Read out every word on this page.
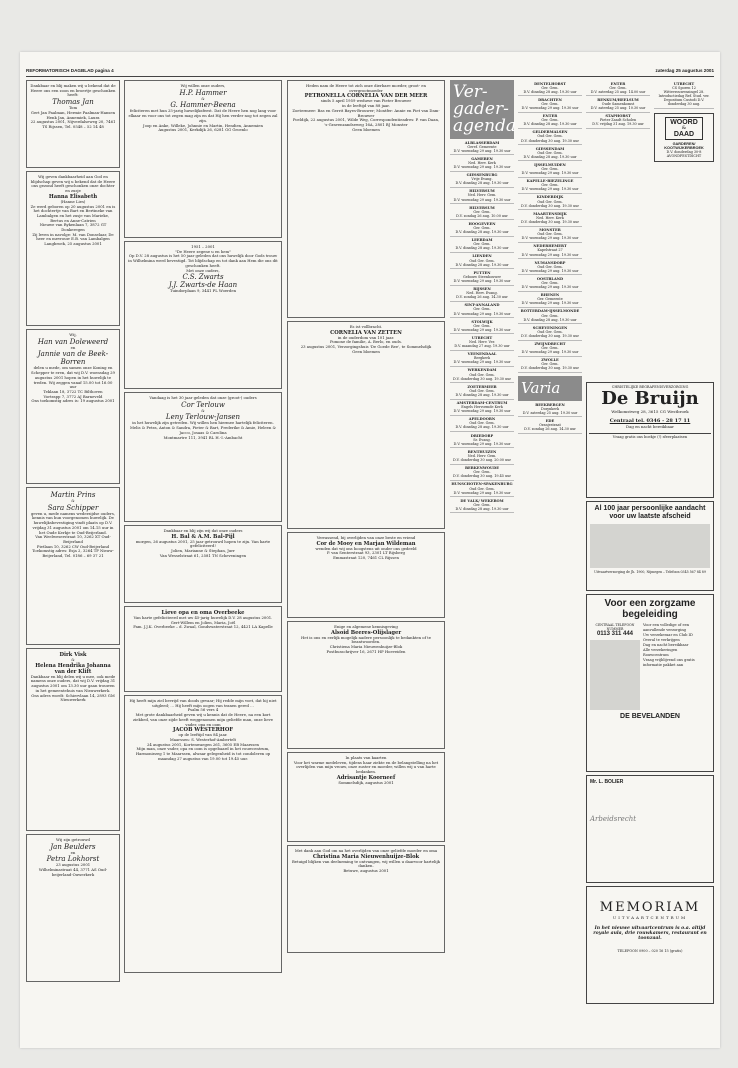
REFORMATORISCH DAGBLAD pagina 4	zaterdag 25 augustus 2001
Dankbaar en blij maken wij u bekend dat de Heere ons een zoon en broertje geschonken heeft:
Thomas Jan
Tom
Gert Jan Paalman, Hermie Paalman-Hansen
Henk Jan, Annemiek, Laura
22 augustus 2001, Nijverdalseweg 20, 7461 TS Rijssen, Tel. 0548 – 52 14 48
Wij geven dankbaarheid aan God en blijdschap geven wij u bekend dat de Heere ons gezond heeft geschonken onze dochter en zusje
Hanna Elisabeth
(Hanne Lies)
Ze werd geboren op 20 augustus 2001 en is het dochtertje van Bart en Bertineke van Lambalgen en het zusje van Marieke, Bertus en Anne-Catrien
Nieuwe van Rykenlaan 7, 3872 GT Donkeregen
Zij leven in navolge: M. van Donselaar, De heer en mevrouw E.B. van Lambalgen
Langbroek, 25 augustus 2001
Wij,
Han van Doleweerd
en
Jannie van de Beek-Borren
delen u mede, om samen onze Koning en Schepper te eren, dat wij D.V. woensdag 29 augustus 2001 hopen in het huwelijk te treden. Wij zeggen vanaf 15.00 tot 16.00 uur
Teklaan 18, 3722 TC Bilthoven
Vortrapp 7, 3772 AJ Barneveld
Ons toekomstig adres is: 19 augustus 2001
Martin Prins
&
Sara Schipper
geven u, mede namens wederzijdse ouders, kennis van hun voorgenomen huwelijk. De huwelijksbevestiging vindt plaats op D.V. vrijdag 31 augustus 2001 om 14.15 uur in het Oude Kerkje te Oud-Beijerland.
Van Weelweserstraat 10, 3262 XT Oud-Beijerland
Pietlaan 10, 3262 CW Oud-Beijerland
Toekomstig adres: Esja 2, 3264 TP Nieuw-Beijerland, Tel. 0186 – 69 37 21
Dirk Visk
&
Helena Hendrika Johanna van der Klift
Dankbaar en blij delen wij u mee, ook mede namens onze ouders, dat wij D.V. vrijdag 31 augustus 2001 om 13.30 uur gaan trouwen in het gemeentehuis van Nieuwerkerk.
Ons adres wordt: Schiervlaan 14, 2893 GM Nieuwerkerk
Wij zijn getrouwd
Jan Beulders
en
Petra Lokhorst
23 augustus 2001
Wilhelminastraat 44, 3771 AS Oud-beijerland-Ouwerkerk
Wij willen onze ouders,
H.P. Hammer
&
G. Hammer-Beena
feliciteren met hun 25-jarig huwelijksfeest. Dat de Heere hen nog lang voor elkaar en voor ons tot zegen mag zijn en dat Hij hen verder nog tot zegen zal zijn.
Joop en Anke, Willeke, Johnnie en Martin, Hendien, Annemien
Augustus 2001, Kerkdijk 26, 6281 GG Groenlo
1951 – 2001
"De Heere zegene u en hem"
Op D.V. 28 augustus is het 50 jaar geleden dat ons huwelijk door Gods trouw in Wilhelmina werd bevestigd. Tot blijdschap en tot dank aan Hem die ons dit geschonken heeft.
Met onze ouders,
C.S. Zwarts
J.J. Zwarts-de Haan
Tuindorplaan 9, 3441 PL Woerden
Vandaag is het 30 jaar geleden dat onze (groot-) ouders
Cor Terlouw
&
Leny Terlouw-Jansen
in het huwelijk zijn getreden. Wij willen hen hiermee hartelijk feliciteren.
Melis & Petra, Anton & Sandra, Pieter & Bart, Frederike & Amie, Heleen & Jacco, Josaas & Carolina
Montmartre 111, 3941 RL H.-I.-Ambacht
Dankbaar en blij zijn wij dat onze ouders
H. Bal & A.M. Bal-Pijl
morgen, 26 augustus 2001, 25 jaar getrouwd hopen te zijn. Van harte gefeliciteerd!
Jolien, Marianne & Stephan, Jurr
Van Wesselstraat 61, 2581 TN Scheveningen
Lieve opa en oma Overbeeke
Van harte gefeliciteerd met uw 45-jarig huwelijk D.V. 28 augustus 2001.
Gert-Willem en Jolien, Maria, Joël
Fam. J.J.K. Overbeeke – d. Zwaal, Gondswaterstraat 12, 4421 LA Kapelle
Hij heeft mijn ziel bevrijd van doods gevaar; Hij redde mijn voet, dat hij niet uitgleed; ... Hij heeft mijn oogen van tranen gered ...
Psalm 56 vers 4
Met grote dankbaarheid geven wij u kennis dat de Heere, na een kort ziekbed, van onze zijde heeft weggenomen mijn geliefde man, onze lieve vader, opa en oom
JACOB WESTERHOF
op de leeftijd van 84 jaar.
Maarssen: S. Westerhof-Ambertelt
24 augustus 2001, Kortenwaegen 261, 3605 EB Maarssen
Mijn man, onze vader, opa en oom is opgebaard in het rouwcentrum, Harmoniezeg 1 te Maarssen, alwaar gelegenheid is tot condoleren op maandag 27 augustus van 19.00 tot 19.45 uur.
Heden nam de Heere tot zich onze dierbare moeder, groot- en overgrootmoeder
PETRONELLA CORNELIA VAN DER MEER
sinds 5 april 1959 weduwe van Pieter Brouwer
in de leeftijd van 88 jaar.
Zoetermeer: Bas en Gerrit Bayes-Brouwer; Montfer: Annie en Piet van Dam-Brouwer
Poeldijk, 22 augustus 2001, Wilde Weg, Correspondentieadres: P. van Daan, 's-Gravenzandseweg 16A, 2801 BJ Monster
Geen bloemen
Es ist vollbracht.
CORNELIA VAN ZETTEN
in de ouderdom van 101 jaar.
Pomone de familie, A. Berlo, en ouds.
23 augustus 2001, Verzorgingshuis 'De Goede Ree', te Sommelsdijk
Geen bloemen
Verrassend, bij overlijden van onze beste en vriend
Cor de Mooy en Marjan Wildeman
wenden dat wij ons hoogstens uit onder ons gedeeld
P. van Senterstraat 93, 2301 LT Rijsberg
Emmastraat 120, 7461 CL Rijssen
Enige en algemene kennisgeving
Alsoid Beeres-Olijslager
Het is ons en eerlijk mogelijk nadere persoonlijk te bedankten of te beantwoorden.
Christiena Maria Nieuwenhuijze-Blok
Postbusschrijver 16, 2671 HP Hoeveiden
In plaats van kaarten
Voor het warme medeleven, tijdens haar ziekte en de belangstelling na het overlijden van mijn vrouw, onze zuster en moeder, willen wij u van harte bedanken.
Adrisantje Koorneef
Sommelsdijk, augustus 2001
Met dank aan God om na het overlijden van onze geliefde moeder en oma
Christina Maria Nieuwenhuijze-Blok
Betuigd blijken van deelneming te ontvangen, wij willen u daarvoor hartelijk danken.
Betuwe, augustus 2001
Ver-gader-agenda
ALBLASSERDAM
Geref. Gemeente
D.V. woensdag 29 aug. 19.30 uur
GAMEREN
Ned. Herv. Kerk
D.V. woensdag 29 aug. 19.30 uur
GIESSENBURG
Vrije Evang.
D.V. dinsdag 28 aug. 19.30 uur
HILVERSUM
Ned. Herv. Gem.
D.V. woensdag 29 aug. 19.30 uur
HILVERSUM
Ger. Gem.
D.V. zondag 26 aug. 10.00 uur
HOOGEVEEN
Ger. Gem.
D.V. dinsdag 28 aug. 19.30 uur
LEERDAM
Ger. Gem.
D.V. dinsdag 28 aug. 19.30 uur
LIENDEN
Oud Ger. Gem.
D.V. dinsdag 28 aug. 19.30 uur
PUTTEN
Gebouw Steenhouwer
D.V. woensdag 29 aug. 19.30 uur
RIJSSEN
Ned. Herv. Evang.
D.V. zondag 26 aug. 14.30 uur
SINT-ANNALAND
Ger. Gem.
D.V. woensdag 29 aug. 19.30 uur
STOLWIJK
Ger. Gem.
D.V. woensdag 29 aug. 19.30 uur
UTRECHT
Ned. Herv. Ver.
D.V. maandag 27 aug. 19.30 uur
VEENENDAAL
Bergkerk
D.V. woensdag 29 aug. 19.30 uur
WERKENDAM
Oud Ger. Gem.
D.V. donderdag 30 aug. 19.30 uur
ZOETERMEER
Oud Ger. Gem.
D.V. dinsdag 28 aug. 19.30 uur
AMSTERDAM-CENTRUM
Engels Hervormde Kerk
D.V. woensdag 29 aug. 19.30 uur
APELDOORN
Oud Ger. Gem.
D.V. dinsdag 28 aug. 19.30 uur
DRIEDORP
Sr. Evang.
D.V. woensdag 29 aug. 19.30 uur
BENTHUIZEN
Ned. Herv. Gem.
D.V. donderdag 30 aug. 20.00 uur
BERKENWOUDE
Ger. Gem.
D.V. donderdag 30 aug. 19.45 uur
HUNSCHOTEN-SPAKENBURG
Oud Ger. Gem.
D.V. woensdag 29 aug. 19.30 uur
DE VALK/ WEKEROM
Ger. Gem.
D.V. dinsdag 28 aug. 19.30 uur
DENTELHORST
Ger. Gem.
D.V. dinsdag 28 aug. 19.30 uur
DRACHTEN
Ger. Gem.
D.V. woensdag 29 aug. 19.30 uur
ENTER
Ger. Gem.
D.V. dinsdag 28 aug. 19.30 uur
GELDERMALSEN
Oud Ger. Gem.
D.V. donderdag 30 aug. 19.30 uur
GIESSENDAM
Oud Ger. Gem.
D.V. dinsdag 28 aug. 19.30 uur
IJSSELMUIDEN
Ger. Gem.
D.V. woensdag 29 aug. 19.30 uur
KAPELLE-BIEZELINGE
Ger. Gem.
D.V. woensdag 29 aug. 19.30 uur
KINDERDIJK
Oud Ger. Gem.
D.V. donderdag 30 aug. 19.30 uur
MAARTENSDIJK
Ned. Herv. Kerk
D.V. donderdag 30 aug. 19.30 uur
MONSTER
Oud Ger. Gem.
D.V. woensdag 29 aug. 19.30 uur
NEDERHEMERT
Kapelstraat 27
D.V. woensdag 29 aug. 19.30 uur
NUMANSDORP
Oud Ger. Gem.
D.V. woensdag 29 aug. 19.30 uur
OOSTBLAND
Ger. Gem.
D.V. woensdag 29 aug. 19.30 uur
RHENEN
Ger. Gemeente
D.V. woensdag 29 aug. 19.30 uur
ROTTERDAM-IJSSELMONDE
Ger. Gem.
D.V. dinsdag 28 aug. 19.30 uur
SCHEVENINGEN
Oud Ger. Gem.
D.V. donderdag 30 aug. 19.30 uur
ZWIJNDRECHT
Ger. Gem.
D.V. woensdag 29 aug. 19.30 uur
ZWOLLE
Ger. Gem.
D.V. donderdag 30 aug. 19.30 uur
Varia
BEEKBERGEN
Dorpskerk
D.V. zaterdag 25 aug. 19.30 uur
EDE
Oranjestraat
D.V. zondag 26 aug. 14.30 uur
ENTER
Ger. Gem.
D.V. zaterdag 25 aug. 14.00 uur
RENKUM/HEELSUM
Oude Samenkomst
D.V. zaterdag 25 aug. 10.30 uur
STAPHORST
Pieter Zandt Scholen
D.V. vrijdag 31 aug. 19.30 uur
UTRECHT
CS Sporen 12
Wittevrouwensingel 28. Introductiedag Ref. Stud. ver. Depositum Custodi D.V. donderdag 30 aug.
WOORD
&
DAAD
GARDEREN/ KOOTWIJKERBROEK
D.V. donderdag 30-8 AVONDFESTDICHT
CHRISTELIJKE BEGRAFENISVERZORGING
De Bruijn
Welkomstweg 28, 3615 CG Westbroek
Centraal tel. 0346 - 28 17 11
Dag en nacht bereikbaar
Vraag gratis ons boekje (!) sfeerplaatsen
Al 100 jaar persoonlijke aandacht voor uw laatste afscheid
Uitvaartverzorging de Jh. 1900, Nijmegen – Telefoon 0345 567 84 89
Voor een zorgzame begeleiding
CENTRAAL TELEFOON NUMMER
0113 311 444
Voor een volledige of een aanvullende verzorging
Uw verzekeraar en Club ID
Overal te verkrijgen
Dag en nacht bereikbaar
Alle verzekeringen
Rouwcentrum
Vraag vrijblijvend ons gratis informatie pakket aan
DE BEVELANDEN
Mr. L. BOLIER
Arbeidsrecht
MEMORIAM
UITVAARTCENTRUM
In het nieuwe uitvaartcentrum is o.a. altijd royale aula, drie rouwkamers, restaurant en toonzaal.
TELEFOON 0900 – 020 16 15 (gratis)
